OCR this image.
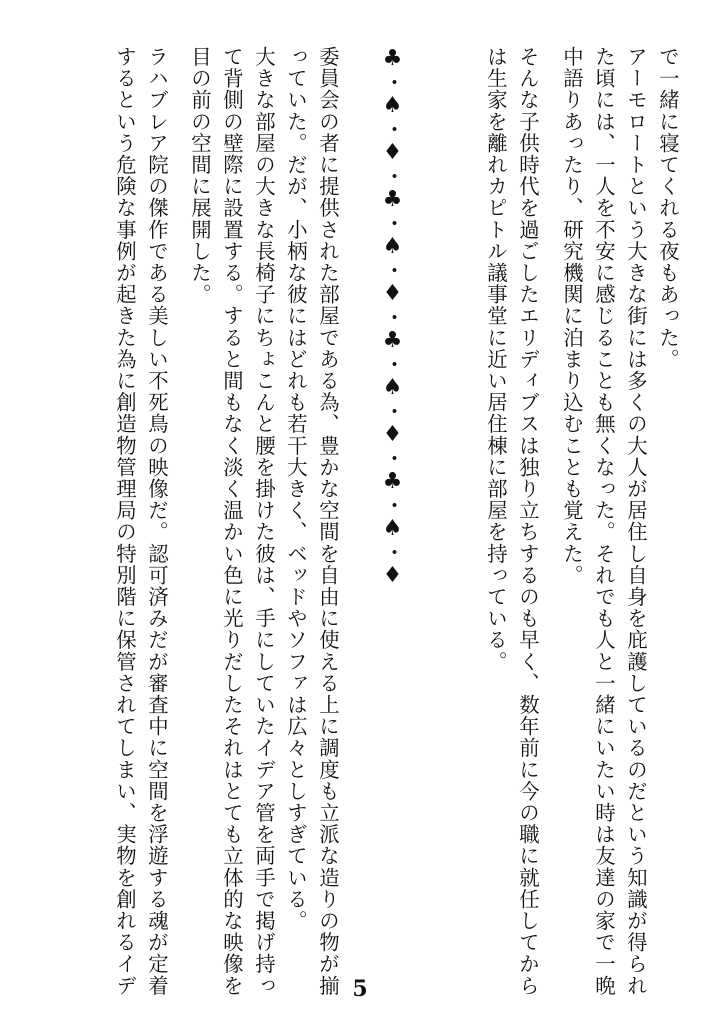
で一緒に寝てくれる夜もあった。
アーモロートという大きな街には多くの大人が居住し自身を庇護しているのだという知識が得られ
た頃には、一人を不安に感じることも無くなった。それでも人と一緒にいたい時は友達の家で一晩
中語りあったり、研究機関に泊まり込むことも覚えた。
そんな子供時代を過ごしたエリディブスは独り立ちするのも早く、数年前に今の職に就任してから
は生家を離れカピトル議事堂に近い居住棟に部屋を持っている。
♣・♠・♦・♣・♠・♦・♣・♠・♦・♣・♠・♦
委員会の者に提供された部屋である為、豊かな空間を自由に使える上に調度も立派な造りの物が揃
っていた。だが、小柄な彼にはどれも若干大きく、ベッドやソファは広々としすぎている。
大きな部屋の大きな長椅子にちょこんと腰を掛けた彼は、手にしていたイデア管を両手で掲げ持っ
て背側の壁際に設置する。すると間もなく淡く温かい色に光りだしたそれはとても立体的な映像を
目の前の空間に展開した。
ラハブレア院の傑作である美しい不死鳥の映像だ。認可済みだが審査中に空間を浮遊する魂が定着
するという危険な事例が起きた為に創造物管理局の特別階に保管されてしまい、実物を創れるイデ	5
